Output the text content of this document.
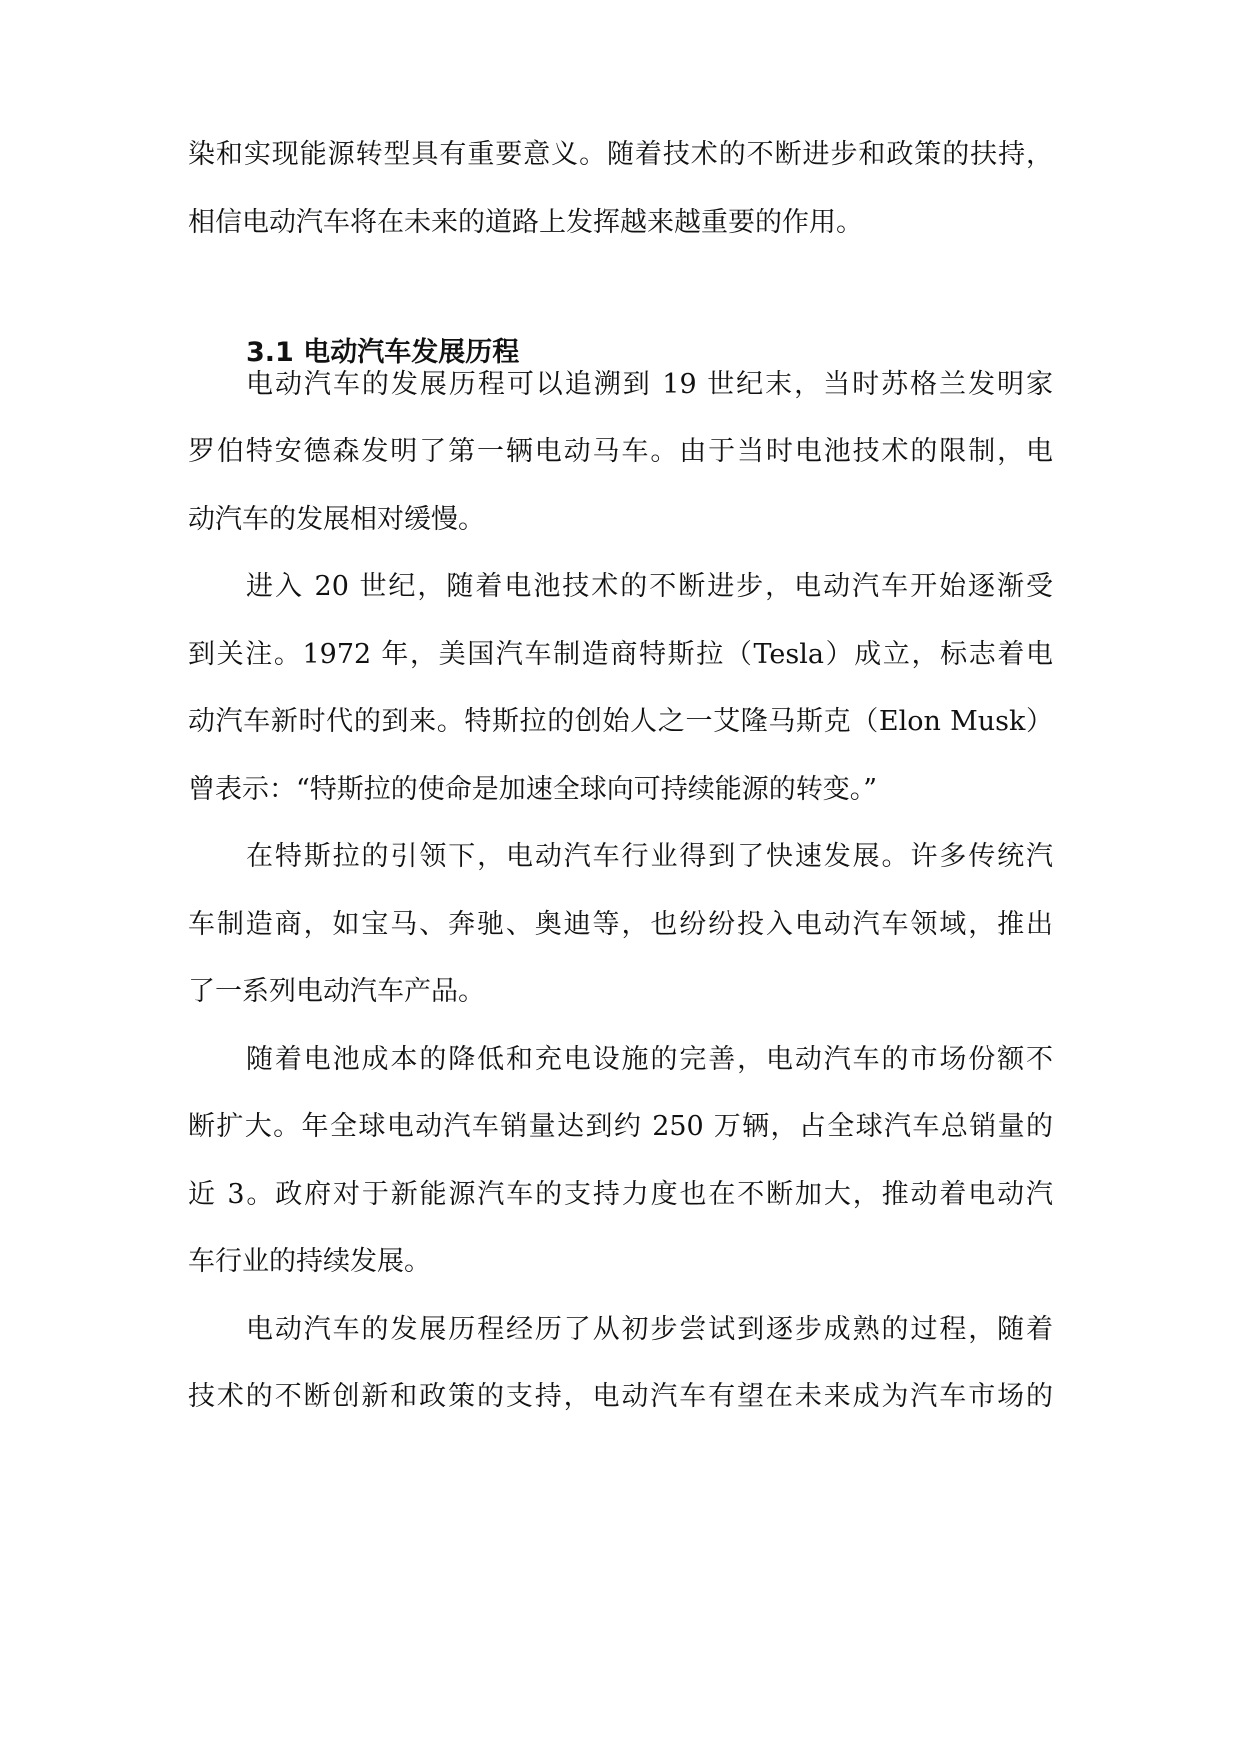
染和实现能源转型具有重要意义。随着技术的不断进步和政策的扶持，
相信电动汽车将在未来的道路上发挥越来越重要的作用。
3.1 电动汽车发展历程
电动汽车的发展历程可以追溯到 19 世纪末，当时苏格兰发明家
罗伯特安德森发明了第一辆电动马车。由于当时电池技术的限制，电
动汽车的发展相对缓慢。
进入 20 世纪，随着电池技术的不断进步，电动汽车开始逐渐受
到关注。1972 年，美国汽车制造商特斯拉（Tesla）成立，标志着电
动汽车新时代的到来。特斯拉的创始人之一艾隆马斯克（Elon Musk）
曾表示：“特斯拉的使命是加速全球向可持续能源的转变。”
在特斯拉的引领下，电动汽车行业得到了快速发展。许多传统汽
车制造商，如宝马、奔驰、奥迪等，也纷纷投入电动汽车领域，推出
了一系列电动汽车产品。
随着电池成本的降低和充电设施的完善，电动汽车的市场份额不
断扩大。年全球电动汽车销量达到约 250 万辆，占全球汽车总销量的
近 3。政府对于新能源汽车的支持力度也在不断加大，推动着电动汽
车行业的持续发展。
电动汽车的发展历程经历了从初步尝试到逐步成熟的过程，随着
技术的不断创新和政策的支持，电动汽车有望在未来成为汽车市场的
